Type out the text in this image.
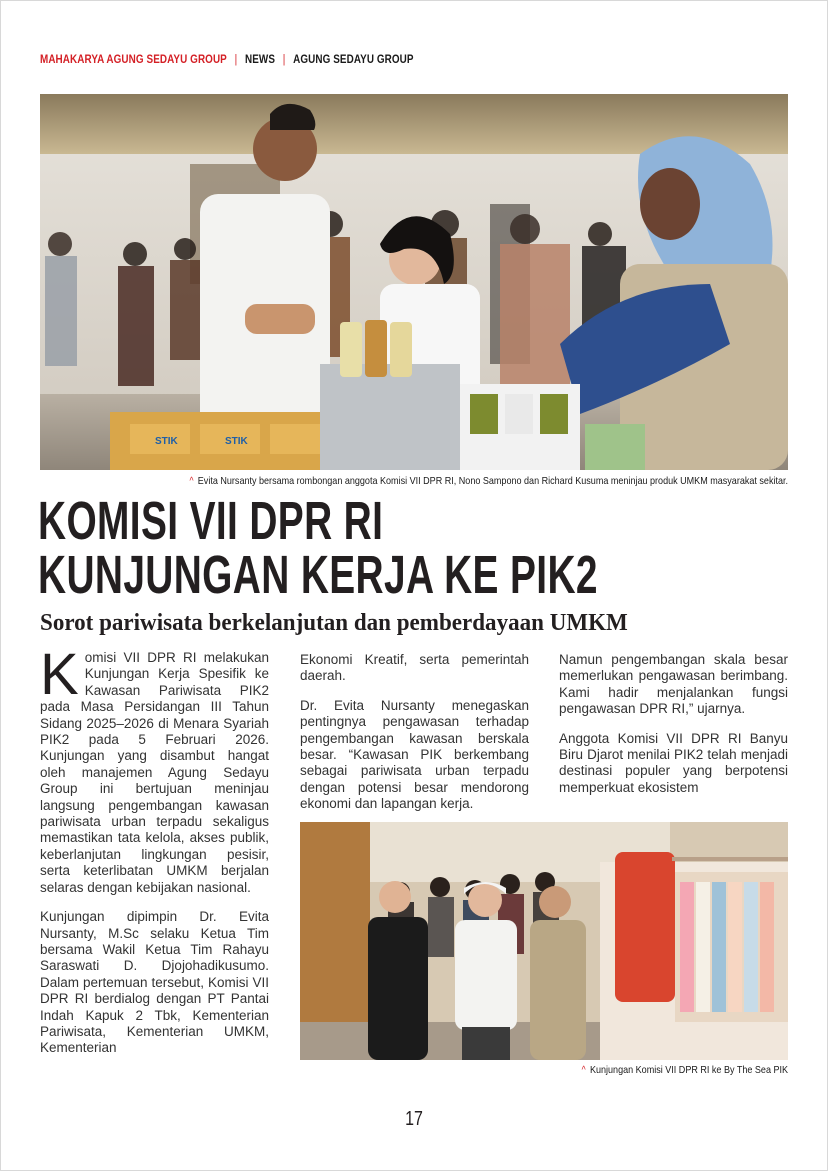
MAHAKARYA AGUNG SEDAYU GROUP | NEWS | AGUNG SEDAYU GROUP
STIK	STIK
^ Evita Nursanty bersama rombongan anggota Komisi VII DPR RI, Nono Sampono dan Richard Kusuma meninjau produk UMKM masyarakat sekitar.
KOMISI VII DPR RI
KUNJUNGAN KERJA KE PIK2
Sorot pariwisata berkelanjutan dan pemberdayaan UMKM

Komisi VII DPR RI melakukan Kunjungan Kerja Spesifik ke Kawasan Pariwisata PIK2 pada Masa Persidangan III Tahun Sidang 2025–2026 di Menara Syariah PIK2 pada 5 Februari 2026. Kunjungan yang disambut hangat oleh manajemen Agung Sedayu Group ini bertujuan meninjau langsung pengembangan kawasan pariwisata urban terpadu sekaligus memastikan tata kelola, akses publik, keberlanjutan lingkungan pesisir, serta keterlibatan UMKM berjalan selaras dengan kebijakan nasional.

Kunjungan dipimpin Dr. Evita Nursanty, M.Sc selaku Ketua Tim bersama Wakil Ketua Tim Rahayu Saraswati D. Djojohadikusumo. Dalam pertemuan tersebut, Komisi VII DPR RI berdialog dengan PT Pantai Indah Kapuk 2 Tbk, Kementerian Pariwisata, Kementerian UMKM, Kementerian

Ekonomi Kreatif, serta pemerintah daerah.

Dr. Evita Nursanty menegaskan pentingnya pengawasan terhadap pengembangan kawasan berskala besar. “Kawasan PIK berkembang sebagai pariwisata urban terpadu dengan potensi besar mendorong ekonomi dan lapangan kerja.

Namun pengembangan skala besar memerlukan pengawasan berimbang. Kami hadir menjalankan fungsi pengawasan DPR RI,” ujarnya.

Anggota Komisi VII DPR RI Banyu Biru Djarot menilai PIK2 telah menjadi destinasi populer yang berpotensi memperkuat ekosistem

^ Kunjungan Komisi VII DPR RI ke By The Sea PIK
17
